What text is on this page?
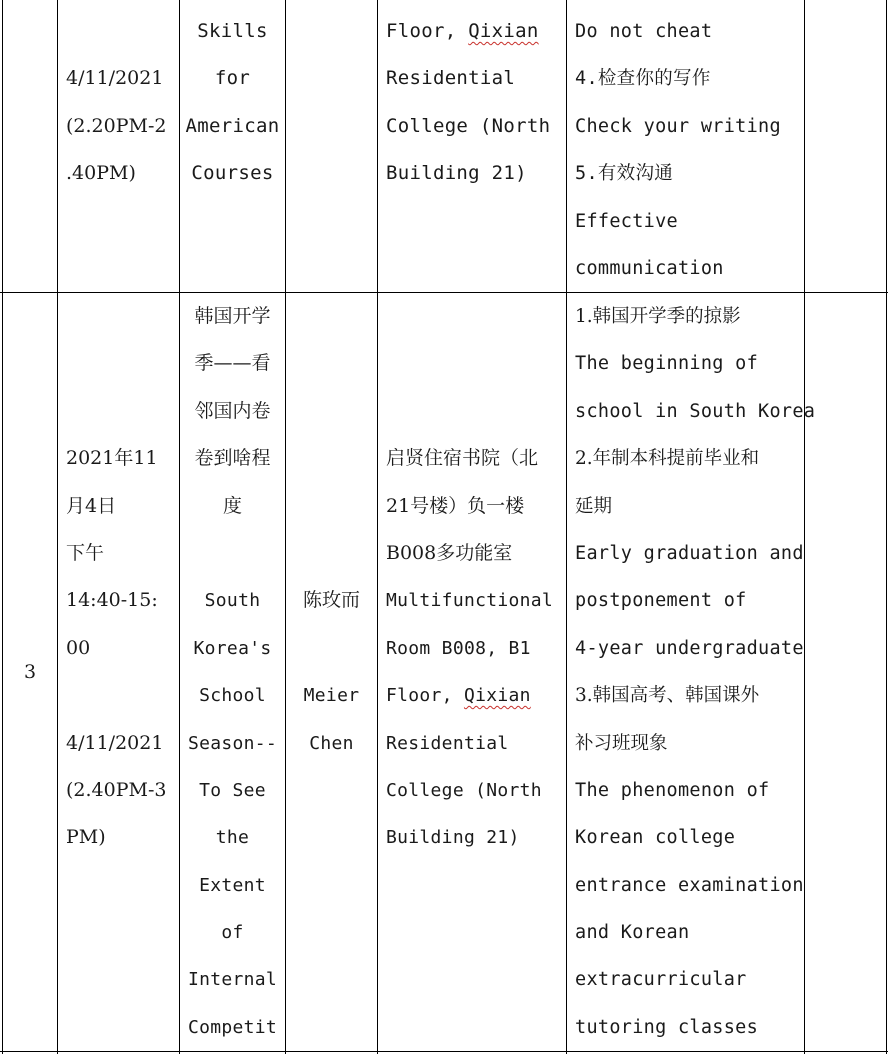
4/11/2021
(2.20PM-2
.40PM)
Skills
for
American
Courses
Floor, Qixian
Residential
College (North
Building 21)
Do not cheat
4.检查你的写作
Check your writing
5.有效沟通
Effective
communication
3
2021年11
月4日
下午
14:40-15:
00
4/11/2021
(2.40PM-3
PM)
韩国开学
季——看
邻国内卷
卷到啥程
度
South
Korea's
School
Season--
To See
the
Extent
of
Internal
Competit
陈玫而
Meier
Chen
启贤住宿书院（北
21号楼）负一楼
B008多功能室
Multifunctional
Room B008, B1
Floor, Qixian
Residential
College (North
Building 21)
1.韩国开学季的掠影
The beginning of
school in South Korea
2.年制本科提前毕业和
延期
Early graduation and
postponement of
4-year undergraduate
3.韩国高考、韩国课外
补习班现象
The phenomenon of
Korean college
entrance examination
and Korean
extracurricular
tutoring classes
